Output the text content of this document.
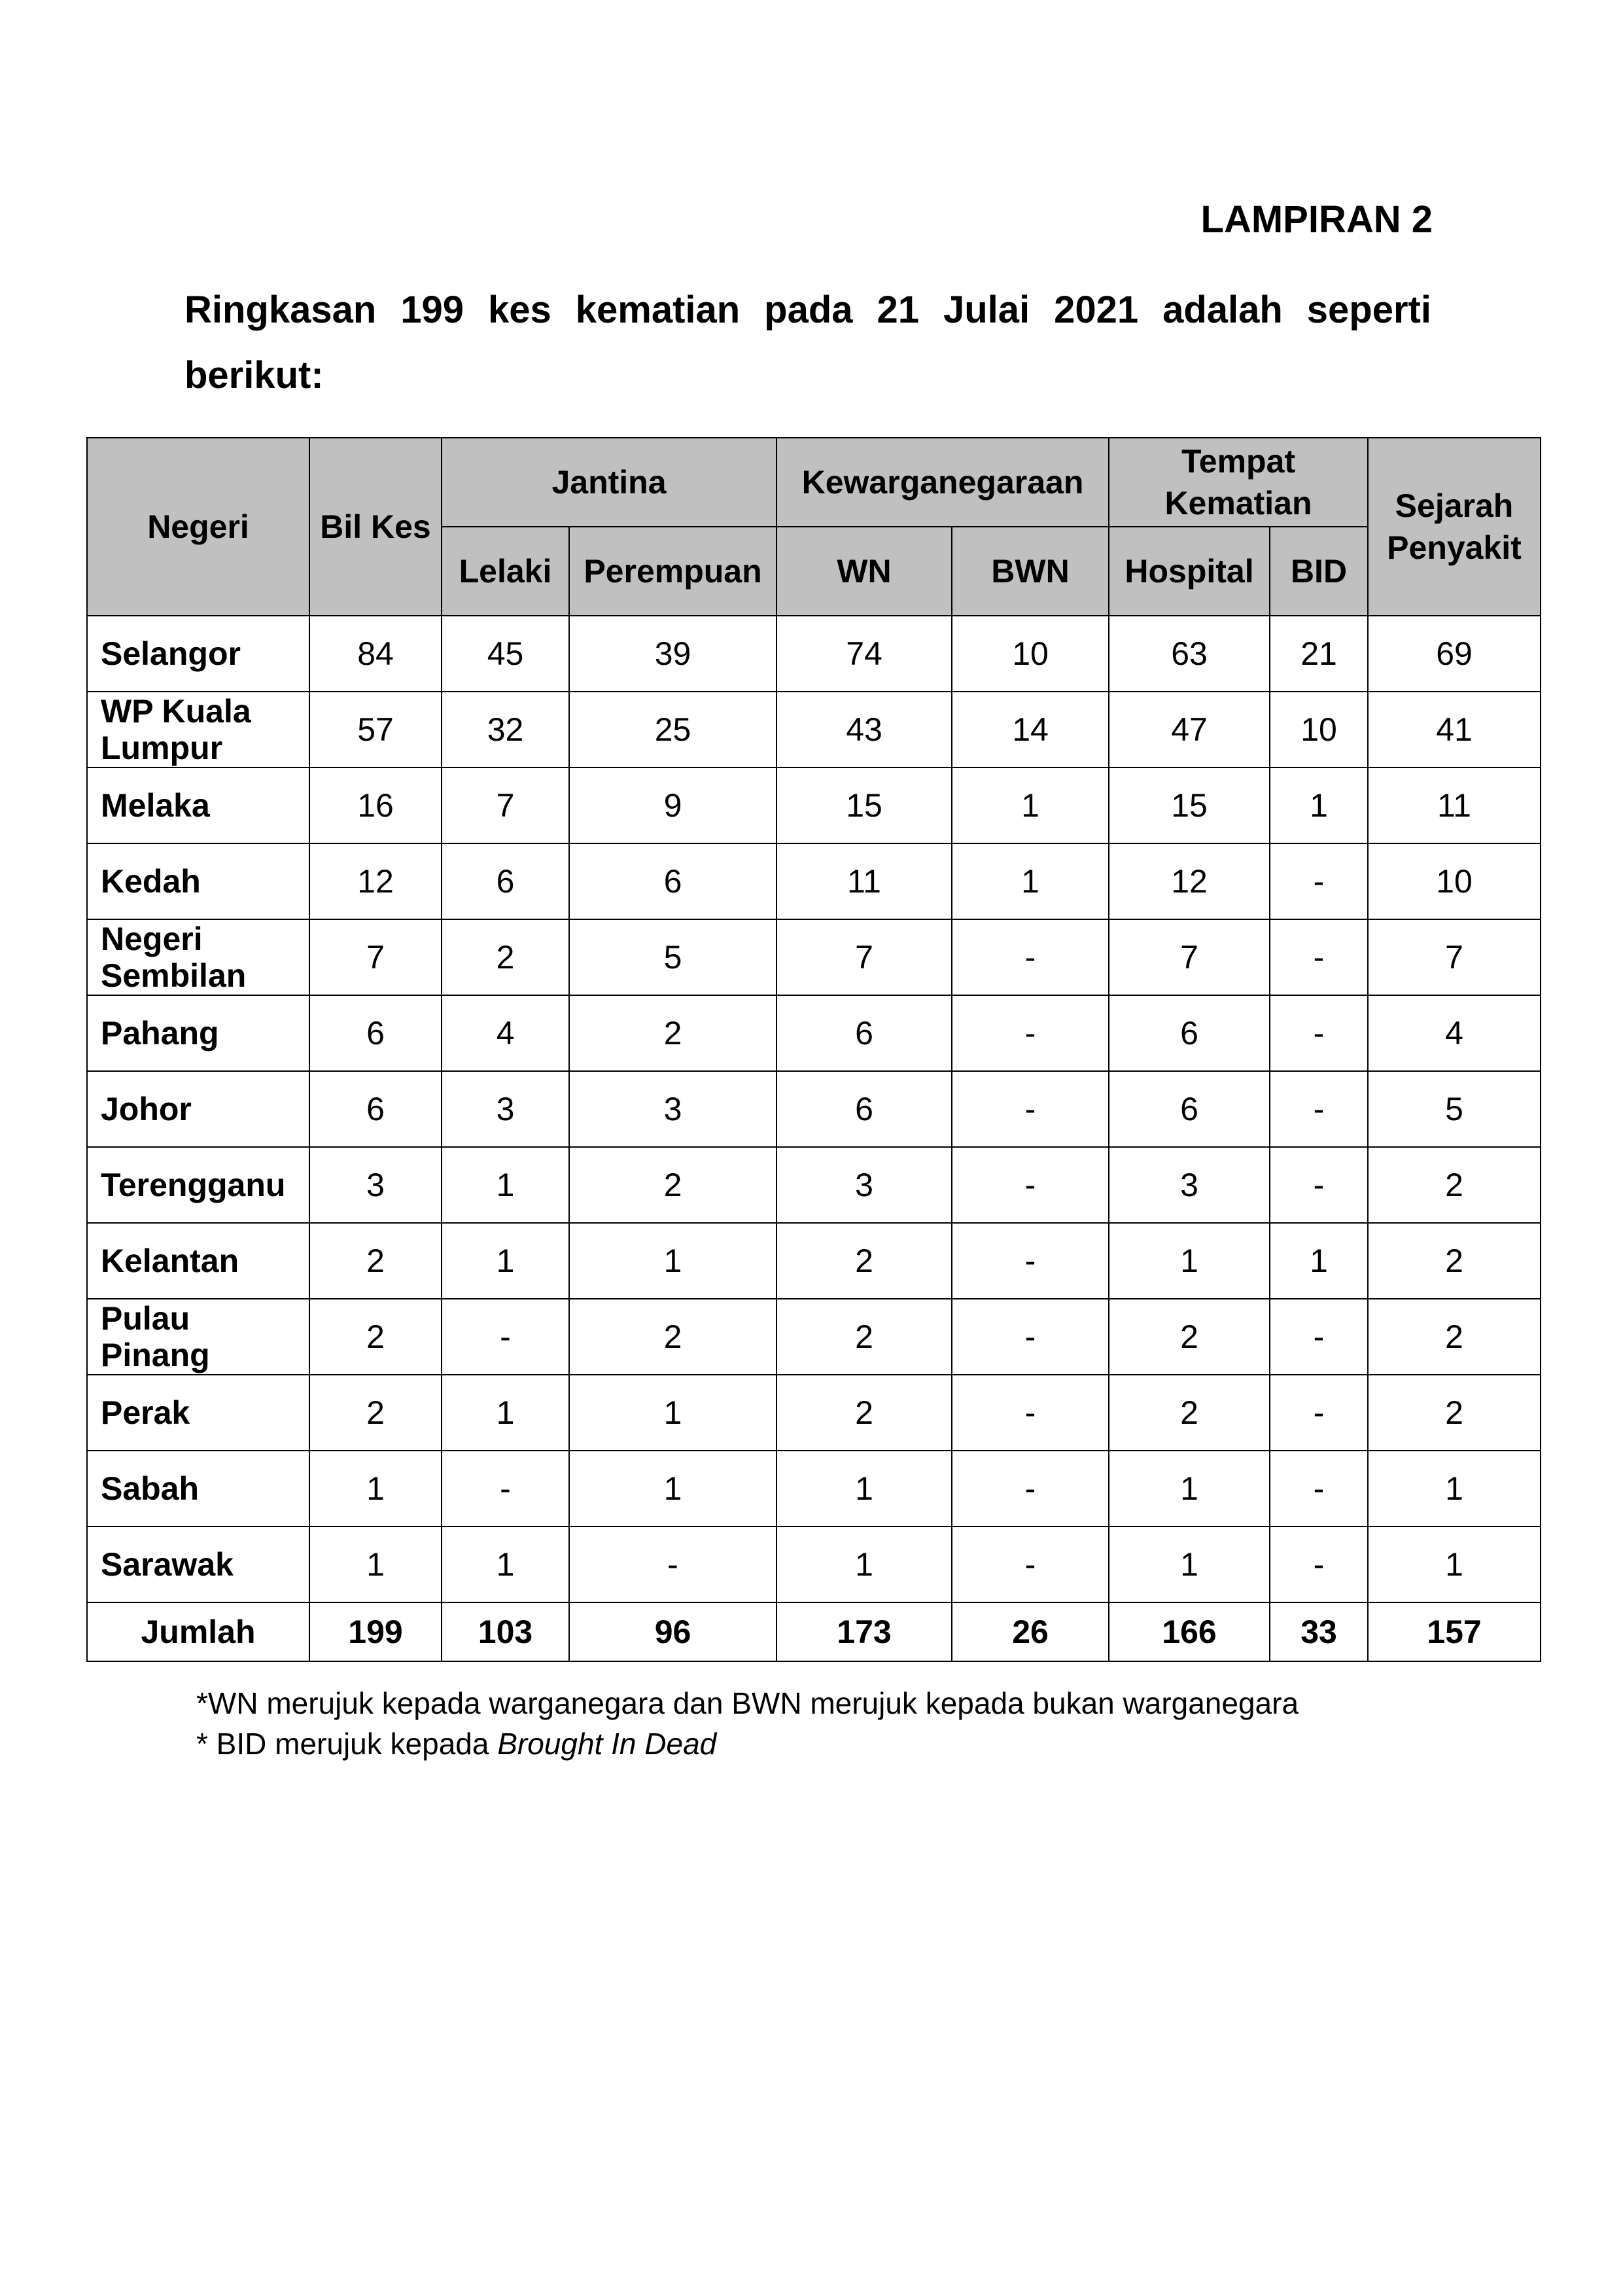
LAMPIRAN 2
Ringkasan 199 kes kematian pada 21 Julai 2021 adalah seperti berikut:
Negeri	Bil Kes	Jantina		Kewarganegaraan		Tempat Kematian		Sejarah Penyakit
		Lelaki	Perempuan	WN	BWN	Hospital	BID	
Selangor	84	45	39	74	10	63	21	69
WP Kuala Lumpur	57	32	25	43	14	47	10	41
Melaka	16	7	9	15	1	15	1	11
Kedah	12	6	6	11	1	12	-	10
Negeri Sembilan	7	2	5	7	-	7	-	7
Pahang	6	4	2	6	-	6	-	4
Johor	6	3	3	6	-	6	-	5
Terengganu	3	1	2	3	-	3	-	2
Kelantan	2	1	1	2	-	1	1	2
Pulau Pinang	2	-	2	2	-	2	-	2
Perak	2	1	1	2	-	2	-	2
Sabah	1	-	1	1	-	1	-	1
Sarawak	1	1	-	1	-	1	-	1
Jumlah	199	103	96	173	26	166	33	157
*WN merujuk kepada warganegara dan BWN merujuk kepada bukan warganegara
* BID merujuk kepada Brought In Dead
